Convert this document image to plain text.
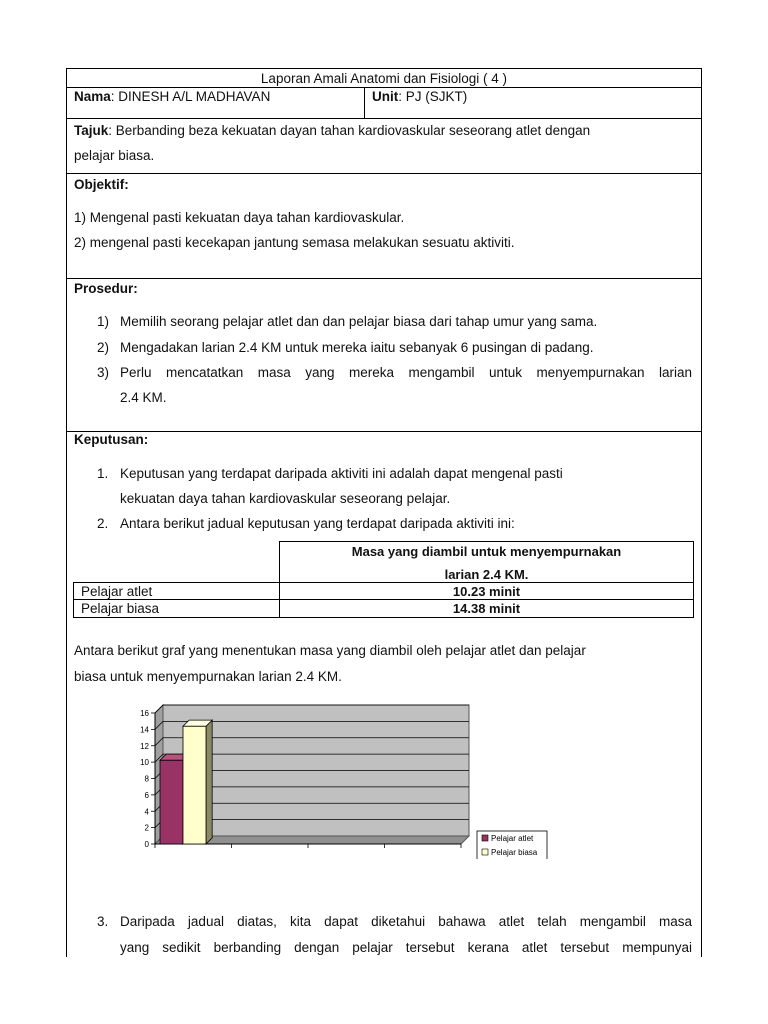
Laporan Amali Anatomi dan Fisiologi ( 4 )
Nama: DINESH A/L MADHAVAN	Unit: PJ (SJKT)
Tajuk: Berbanding beza kekuatan dayan tahan kardiovaskular seseorang atlet dengan
pelajar biasa.
Objektif:
1) Mengenal pasti kekuatan daya tahan kardiovaskular.
2) mengenal pasti kecekapan jantung semasa melakukan sesuatu aktiviti.
Prosedur:
1) Memilih seorang pelajar atlet dan dan pelajar biasa dari tahap umur yang sama.
2) Mengadakan larian 2.4 KM untuk mereka iaitu sebanyak 6 pusingan di padang.
3) Perlu mencatatkan masa yang mereka mengambil untuk menyempurnakan larian
2.4 KM.
Keputusan:
1. Keputusan yang terdapat daripada aktiviti ini adalah dapat mengenal pasti
kekuatan daya tahan kardiovaskular seseorang pelajar.
2. Antara berikut jadual keputusan yang terdapat daripada aktiviti ini:
Masa yang diambil untuk menyempurnakan
larian 2.4 KM.
Pelajar atlet	10.23 minit
Pelajar biasa	14.38 minit
Antara berikut graf yang menentukan masa yang diambil oleh pelajar atlet dan pelajar
biasa untuk menyempurnakan larian 2.4 KM.
0
2
4
6
8
10
12
14
16
Pelajar atlet
Pelajar biasa
3. Daripada jadual diatas, kita dapat diketahui bahawa atlet telah mengambil masa
yang sedikit berbanding dengan pelajar tersebut kerana atlet tersebut mempunyai
